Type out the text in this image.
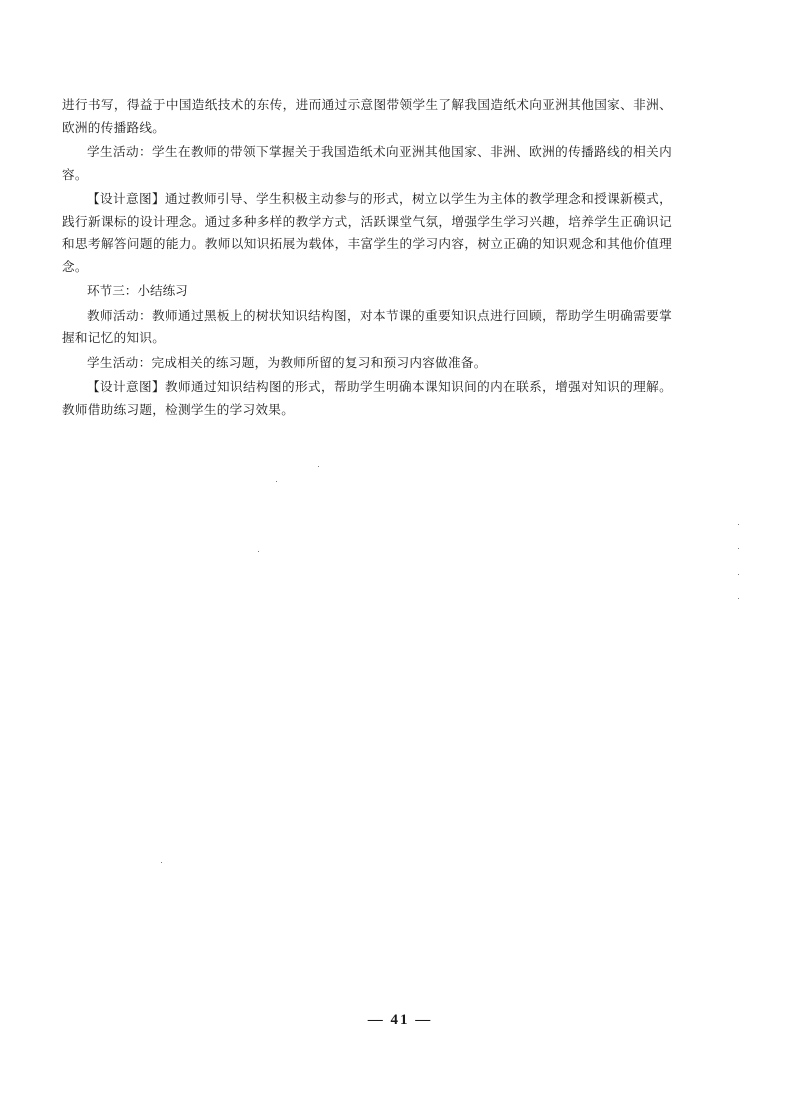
进行书写，得益于中国造纸技术的东传，进而通过示意图带领学生了解我国造纸术向亚洲其他国家、非洲、欧洲的传播路线。

学生活动：学生在教师的带领下掌握关于我国造纸术向亚洲其他国家、非洲、欧洲的传播路线的相关内容。

【设计意图】通过教师引导、学生积极主动参与的形式，树立以学生为主体的教学理念和授课新模式，践行新课标的设计理念。通过多种多样的教学方式，活跃课堂气氛，增强学生学习兴趣，培养学生正确识记和思考解答问题的能力。教师以知识拓展为载体，丰富学生的学习内容，树立正确的知识观念和其他价值理念。

环节三：小结练习

教师活动：教师通过黑板上的树状知识结构图，对本节课的重要知识点进行回顾，帮助学生明确需要掌握和记忆的知识。

学生活动：完成相关的练习题，为教师所留的复习和预习内容做准备。

【设计意图】教师通过知识结构图的形式，帮助学生明确本课知识间的内在联系，增强对知识的理解。教师借助练习题，检测学生的学习效果。

— 41 —
